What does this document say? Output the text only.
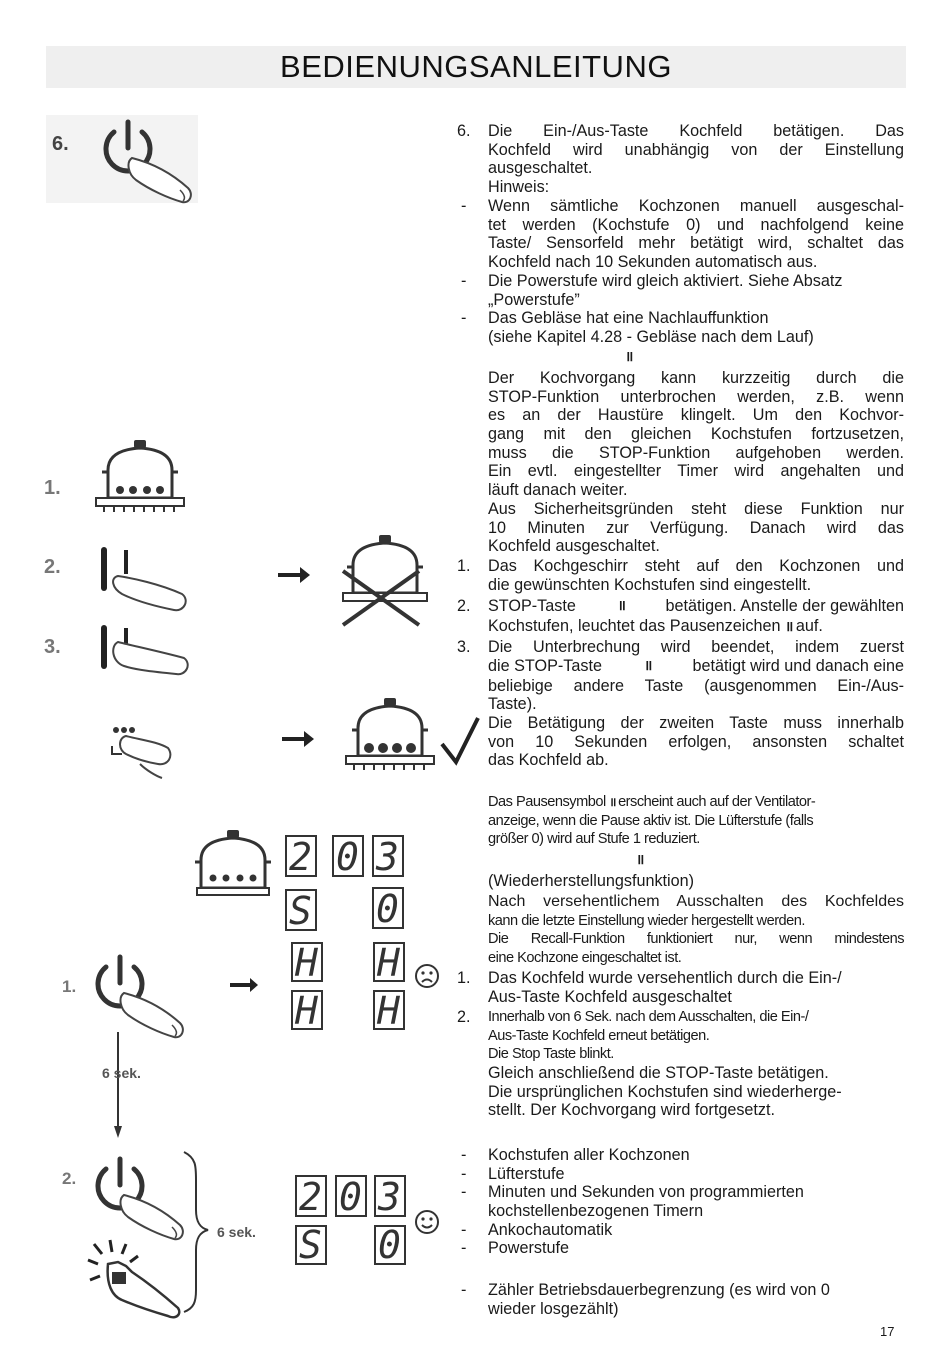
BEDIENUNGSANLEITUNG
6.
1.
2.
3.
2 0 3
S 0
H H
H H
1.
6 sek.
2.
6 sek.
2 0 3
S 0
6. Die Ein-/Aus-Taste Kochfeld betätigen. Das
Kochfeld wird unabhängig von der Einstellung
ausgeschaltet.
Hinweis:
- Wenn sämtliche Kochzonen manuell ausgeschal-
tet werden (Kochstufe 0) und nachfolgend keine
Taste/ Sensorfeld mehr betätigt wird, schaltet das
Kochfeld nach 10 Sekunden automatisch aus.
- Die Powerstufe wird gleich aktiviert. Siehe Absatz
„Powerstufe”
- Das Gebläse hat eine Nachlauffunktion
(siehe Kapitel 4.28 - Gebläse nach dem Lauf)
॥
Der Kochvorgang kann kurzzeitig durch die
STOP-Funktion unterbrochen werden, z.B. wenn
es an der Haustüre klingelt. Um den Kochvor-
gang mit den gleichen Kochstufen fortzusetzen,
muss die STOP-Funktion aufgehoben werden.
Ein evtl. eingestellter Timer wird angehalten und
läuft danach weiter.
Aus Sicherheitsgründen steht diese Funktion nur
10 Minuten zur Verfügung. Danach wird das
Kochfeld ausgeschaltet.
1. Das Kochgeschirr steht auf den Kochzonen und
die gewünschten Kochstufen sind eingestellt.
2. STOP-Taste	॥	betätigen. Anstelle der gewählten
Kochstufen, leuchtet das Pausenzeichen ॥ auf.
3. Die Unterbrechung wird beendet, indem zuerst
die STOP-Taste	॥	betätigt wird und danach eine
beliebige andere Taste (ausgenommen Ein-/Aus-
Taste).
Die Betätigung der zweiten Taste muss innerhalb
von 10 Sekunden erfolgen, ansonsten schaltet
das Kochfeld ab.
Das Pausensymbol ॥ erscheint auch auf der Ventilator-
anzeige, wenn die Pause aktiv ist. Die Lüfterstufe (falls
größer 0) wird auf Stufe 1 reduziert.
॥
(Wiederherstellungsfunktion)
Nach versehentlichem Ausschalten des Kochfeldes
kann die letzte Einstellung wieder hergestellt werden.
Die Recall-Funktion funktioniert nur, wenn mindestens
eine Kochzone eingeschaltet ist.
1. Das Kochfeld wurde versehentlich durch die Ein-/
Aus-Taste Kochfeld ausgeschaltet
2. Innerhalb von 6 Sek. nach dem Ausschalten, die Ein-/
Aus-Taste Kochfeld erneut betätigen.
Die Stop Taste blinkt.
Gleich anschließend die STOP-Taste betätigen.
Die ursprünglichen Kochstufen sind wiederherge-
stellt. Der Kochvorgang wird fortgesetzt.
- Kochstufen aller Kochzonen
- Lüfterstufe
- Minuten und Sekunden von programmierten
kochstellenbezogenen Timern
- Ankochautomatik
- Powerstufe
- Zähler Betriebsdauerbegrenzung (es wird von 0
wieder losgezählt)
17
